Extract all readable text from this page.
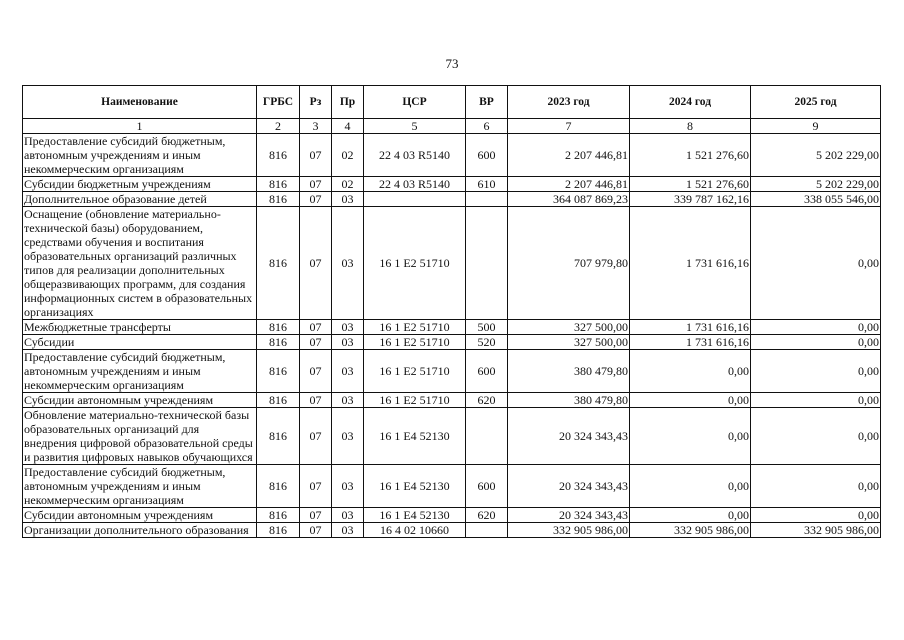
73
Наименование	ГРБС	Рз	Пр	ЦСР	ВР	2023 год	2024 год	2025 год
1	2	3	4	5	6	7	8	9
Предоставление субсидий бюджетным, автономным учреждениям и иным некоммерческим организациям	816	07	02	22 4 03 R5140	600	2 207 446,81	1 521 276,60	5 202 229,00
Субсидии бюджетным учреждениям	816	07	02	22 4 03 R5140	610	2 207 446,81	1 521 276,60	5 202 229,00
Дополнительное образование детей	816	07	03			364 087 869,23	339 787 162,16	338 055 546,00
Оснащение (обновление материально-технической базы) оборудованием, средствами обучения и воспитания образовательных организаций различных типов для реализации дополнительных общеразвивающих программ, для создания информационных систем в образовательных организациях	816	07	03	16 1 E2 51710		707 979,80	1 731 616,16	0,00
Межбюджетные трансферты	816	07	03	16 1 E2 51710	500	327 500,00	1 731 616,16	0,00
Субсидии	816	07	03	16 1 E2 51710	520	327 500,00	1 731 616,16	0,00
Предоставление субсидий бюджетным, автономным учреждениям и иным некоммерческим организациям	816	07	03	16 1 E2 51710	600	380 479,80	0,00	0,00
Субсидии автономным учреждениям	816	07	03	16 1 E2 51710	620	380 479,80	0,00	0,00
Обновление материально-технической базы образовательных организаций для внедрения цифровой образовательной среды и развития цифровых навыков обучающихся	816	07	03	16 1 E4 52130		20 324 343,43	0,00	0,00
Предоставление субсидий бюджетным, автономным учреждениям и иным некоммерческим организациям	816	07	03	16 1 E4 52130	600	20 324 343,43	0,00	0,00
Субсидии автономным учреждениям	816	07	03	16 1 E4 52130	620	20 324 343,43	0,00	0,00
Организации дополнительного образования	816	07	03	16 4 02 10660		332 905 986,00	332 905 986,00	332 905 986,00
